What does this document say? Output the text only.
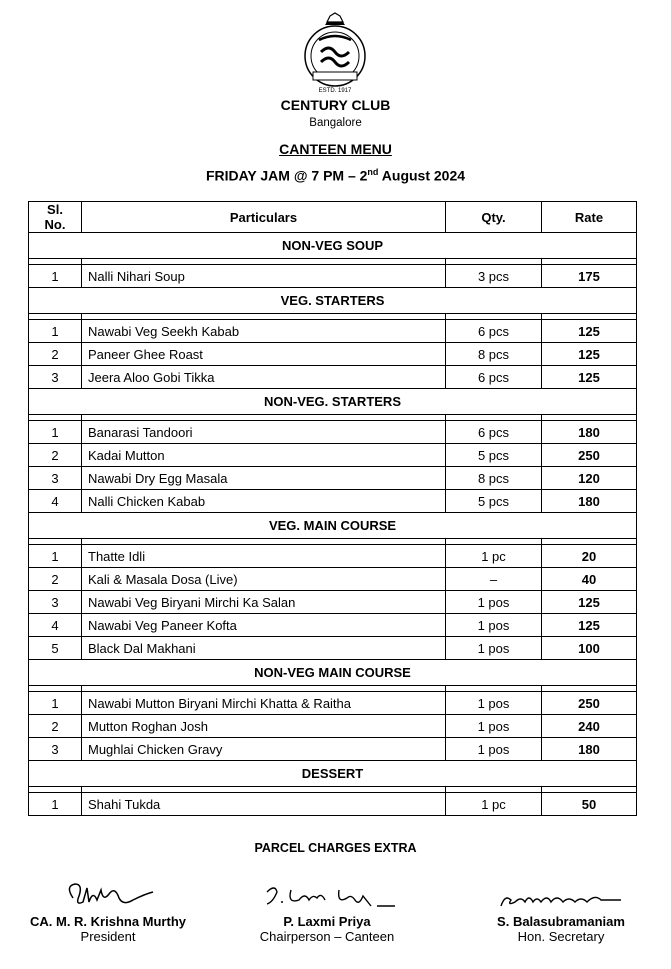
ESTD. 1917
CENTURY CLUB
Bangalore
CANTEEN MENU
FRIDAY JAM @ 7 PM – 2nd August 2024
Sl. No.	Particulars	Qty.	Rate
NON-VEG SOUP			

1	Nalli Nihari Soup	3 pcs	175
VEG. STARTERS			

1	Nawabi Veg Seekh Kabab	6 pcs	125
2	Paneer Ghee Roast	8 pcs	125
3	Jeera Aloo Gobi Tikka	6 pcs	125
NON-VEG. STARTERS			

1	Banarasi Tandoori	6 pcs	180
2	Kadai Mutton	5 pcs	250
3	Nawabi Dry Egg Masala	8 pcs	120
4	Nalli Chicken Kabab	5 pcs	180
VEG. MAIN COURSE			

1	Thatte Idli	1 pc	20
2	Kali & Masala Dosa (Live)	–	40
3	Nawabi Veg Biryani Mirchi Ka Salan	1 pos	125
4	Nawabi Veg Paneer Kofta	1 pos	125
5	Black Dal Makhani	1 pos	100
NON-VEG MAIN COURSE			

1	Nawabi Mutton Biryani Mirchi Khatta & Raitha	1 pos	250
2	Mutton Roghan Josh	1 pos	240
3	Mughlai Chicken Gravy	1 pos	180
DESSERT			

1	Shahi Tukda	1 pc	50
PARCEL CHARGES EXTRA
CA. M. R. Krishna Murthy
President
P. Laxmi Priya
Chairperson – Canteen
S. Balasubramaniam
Hon. Secretary
